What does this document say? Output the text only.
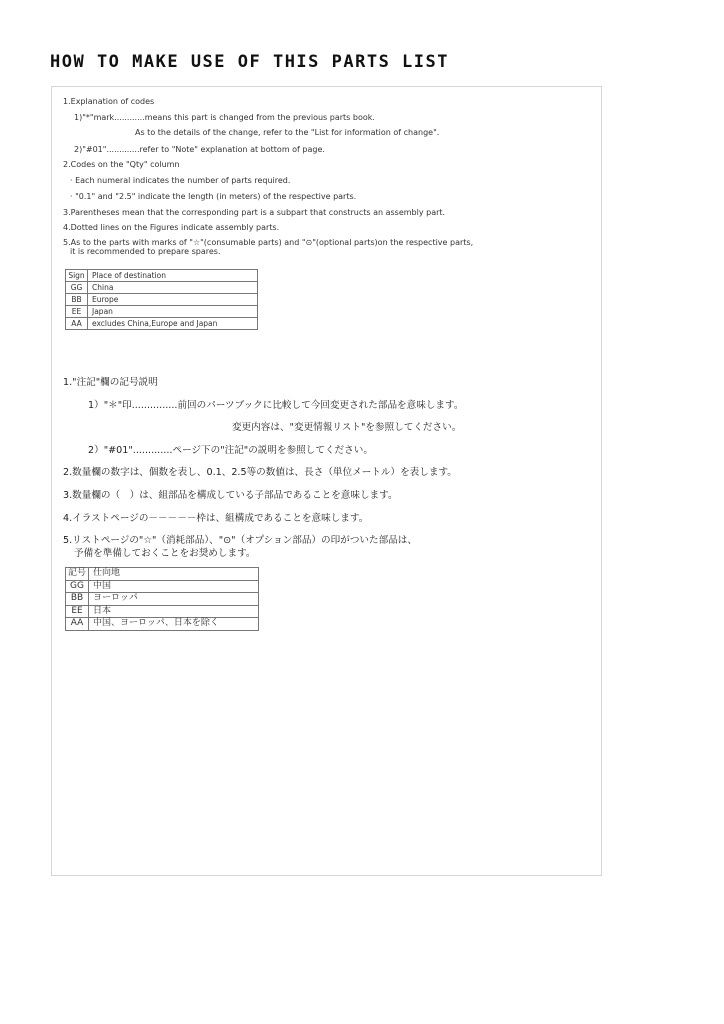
HOW TO MAKE USE OF THIS PARTS LIST
1.Explanation of codes
1)"*"mark............means this part is changed from the previous parts book.
As to the details of the change, refer to the "List for information of change".
2)"#01".............refer to "Note" explanation at bottom of page.
2.Codes on the "Qty" column
· Each numeral indicates the number of parts required.
· "0.1" and "2.5" indicate the length (in meters) of the respective parts.
3.Parentheses mean that the corresponding part is a subpart that constructs an assembly part.
4.Dotted lines on the Figures indicate assembly parts.
5.As to the parts with marks of "☆"(consumable parts) and "⊙"(optional parts)on the respective parts,
it is recommended to prepare spares.
Sign	Place of destination
GG	China
BB	Europe
EE	Japan
AA	excludes China,Europe and Japan
1."注記"欄の記号説明
1）"＊"印...............前回のパーツブックに比較して今回変更された部品を意味します。
変更内容は、"変更情報リスト"を参照してください。
2）"#01".............ページ下の"注記"の説明を参照してください。
2.数量欄の数字は、個数を表し、0.1、2.5等の数値は、長さ（単位メートル）を表します。
3.数量欄の（　）は、組部品を構成している子部品であることを意味します。
4.イラストページの－－－－－枠は、組構成であることを意味します。
5.リストページの"☆"（消耗部品）、"⊙"（オプション部品）の印がついた部品は、
予備を準備しておくことをお奨めします。
記号	仕向地
GG	中国
BB	ヨーロッパ
EE	日本
AA	中国、ヨーロッパ、日本を除く
